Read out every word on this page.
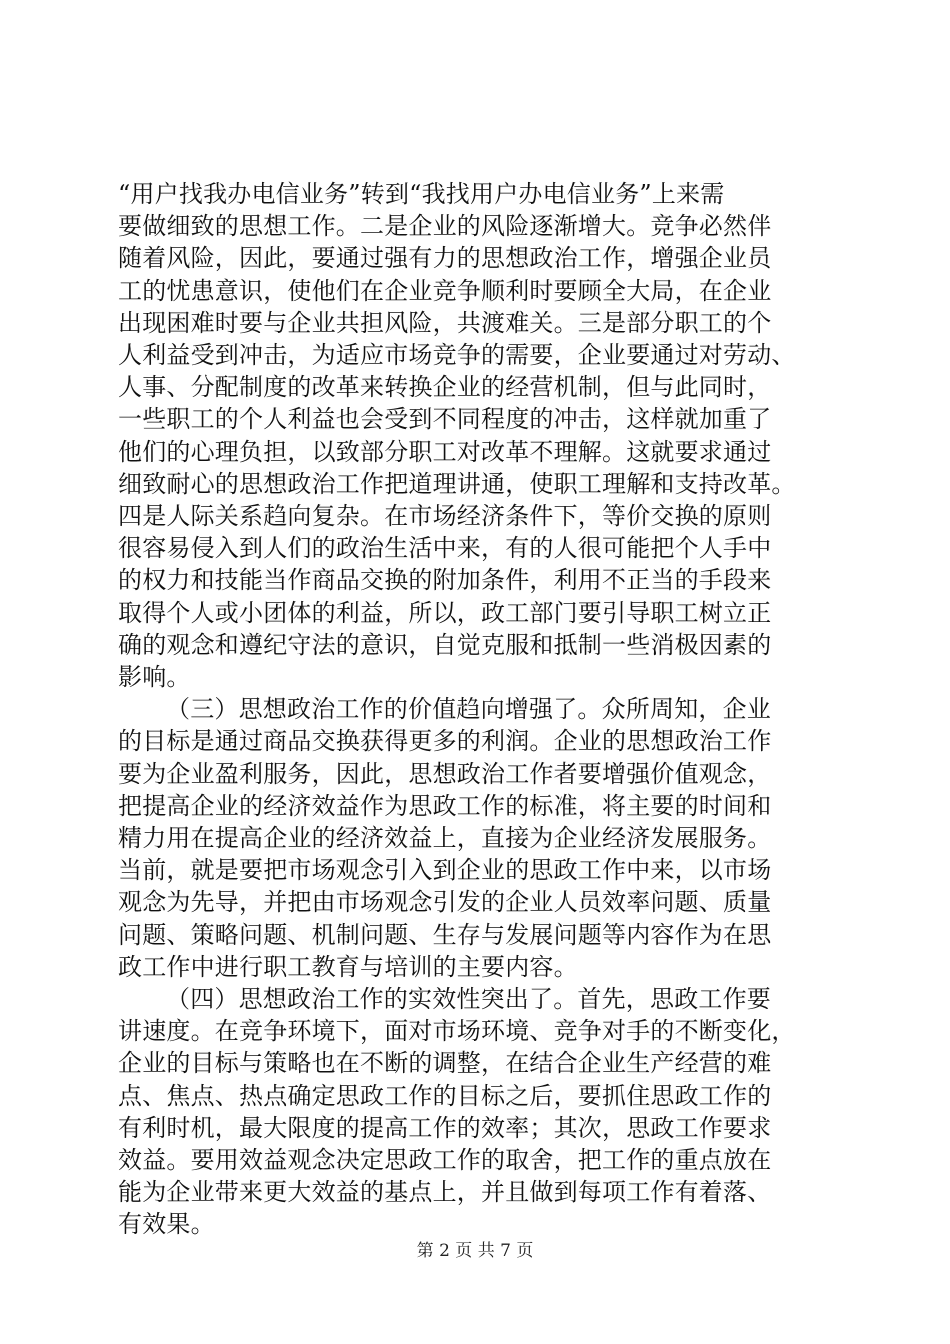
“用户找我办电信业务”转到“我找用户办电信业务”上来需
要做细致的思想工作。二是企业的风险逐渐增大。竞争必然伴
随着风险，因此，要通过强有力的思想政治工作，增强企业员
工的忧患意识，使他们在企业竞争顺利时要顾全大局，在企业
出现困难时要与企业共担风险，共渡难关。三是部分职工的个
人利益受到冲击，为适应市场竞争的需要，企业要通过对劳动、
人事、分配制度的改革来转换企业的经营机制，但与此同时，
一些职工的个人利益也会受到不同程度的冲击，这样就加重了
他们的心理负担，以致部分职工对改革不理解。这就要求通过
细致耐心的思想政治工作把道理讲通，使职工理解和支持改革。
四是人际关系趋向复杂。在市场经济条件下，等价交换的原则
很容易侵入到人们的政治生活中来，有的人很可能把个人手中
的权力和技能当作商品交换的附加条件，利用不正当的手段来
取得个人或小团体的利益，所以，政工部门要引导职工树立正
确的观念和遵纪守法的意识，自觉克服和抵制一些消极因素的
影响。
（三）思想政治工作的价值趋向增强了。众所周知，企业
的目标是通过商品交换获得更多的利润。企业的思想政治工作
要为企业盈利服务，因此，思想政治工作者要增强价值观念，
把提高企业的经济效益作为思政工作的标准，将主要的时间和
精力用在提高企业的经济效益上，直接为企业经济发展服务。
当前，就是要把市场观念引入到企业的思政工作中来，以市场
观念为先导，并把由市场观念引发的企业人员效率问题、质量
问题、策略问题、机制问题、生存与发展问题等内容作为在思
政工作中进行职工教育与培训的主要内容。
（四）思想政治工作的实效性突出了。首先，思政工作要
讲速度。在竞争环境下，面对市场环境、竞争对手的不断变化，
企业的目标与策略也在不断的调整，在结合企业生产经营的难
点、焦点、热点确定思政工作的目标之后，要抓住思政工作的
有利时机，最大限度的提高工作的效率；其次，思政工作要求
效益。要用效益观念决定思政工作的取舍，把工作的重点放在
能为企业带来更大效益的基点上，并且做到每项工作有着落、
有效果。
第 2 页 共 7 页
